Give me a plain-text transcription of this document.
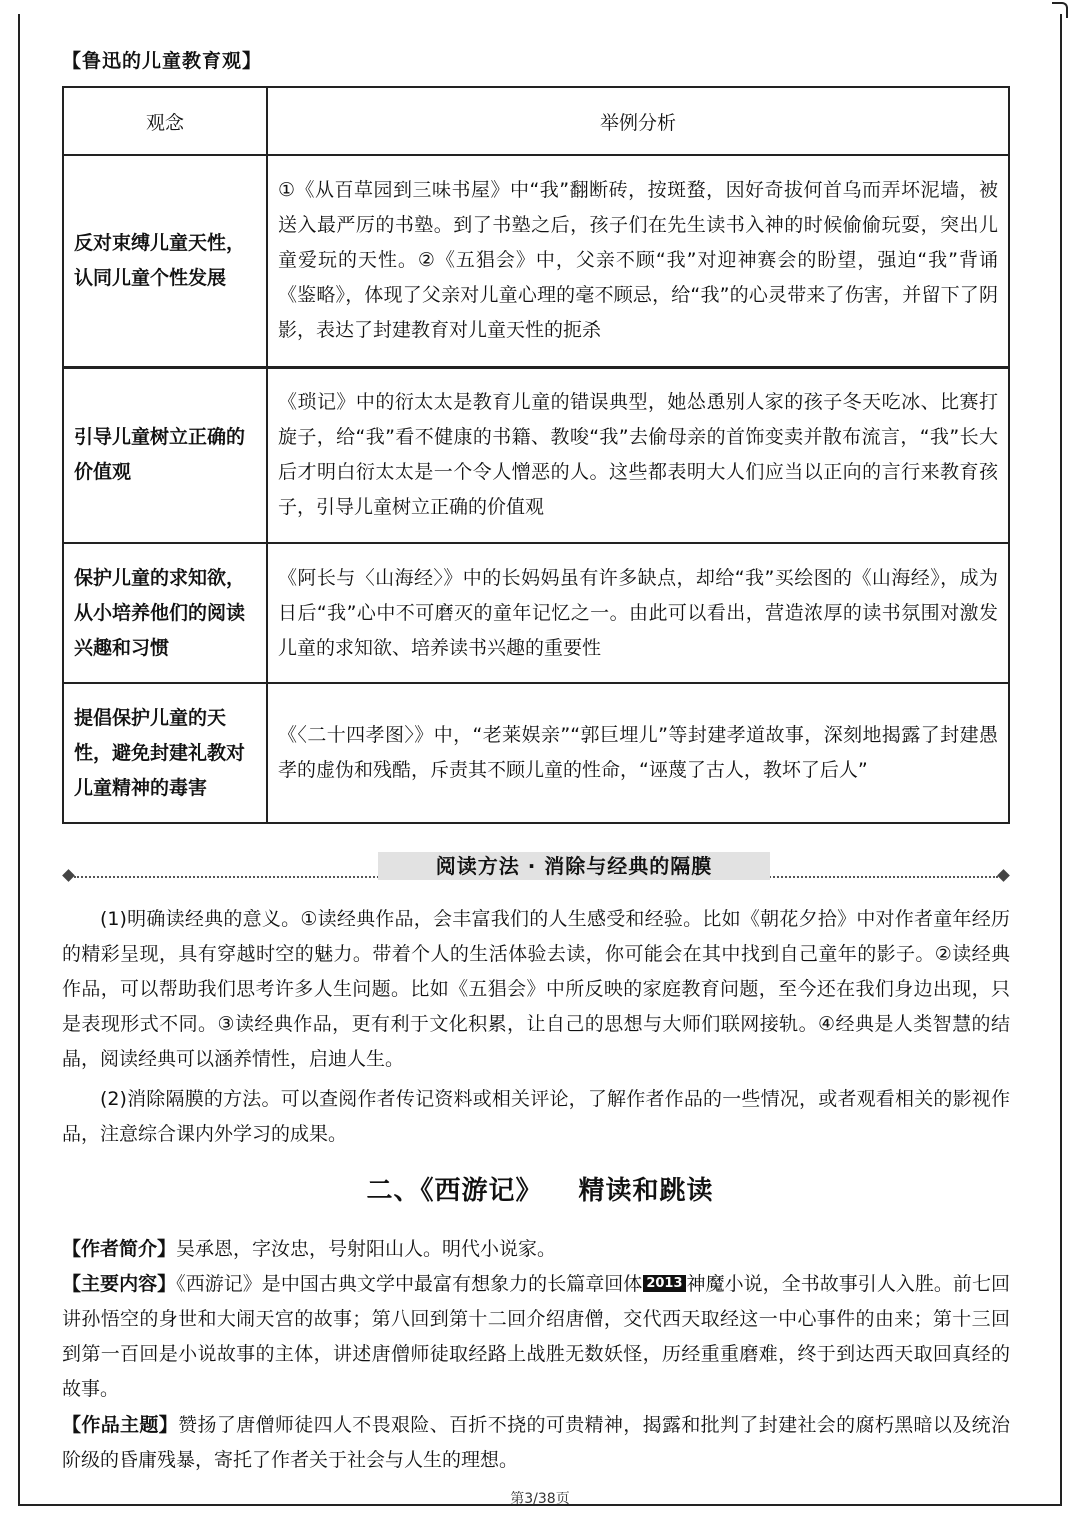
【鲁迅的儿童教育观】
观念	举例分析
反对束缚儿童天性，认同儿童个性发展	①《从百草园到三味书屋》中“我”翻断砖，按斑蝥，因好奇拔何首乌而弄坏泥墙，被送入最严厉的书塾。到了书塾之后，孩子们在先生读书入神的时候偷偷玩耍，突出儿童爱玩的天性。②《五猖会》中，父亲不顾“我”对迎神赛会的盼望，强迫“我”背诵《鉴略》，体现了父亲对儿童心理的毫不顾忌，给“我”的心灵带来了伤害，并留下了阴影，表达了封建教育对儿童天性的扼杀
引导儿童树立正确的价值观	《琐记》中的衍太太是教育儿童的错误典型，她怂恿别人家的孩子冬天吃冰、比赛打旋子，给“我”看不健康的书籍、教唆“我”去偷母亲的首饰变卖并散布流言，“我”长大后才明白衍太太是一个令人憎恶的人。这些都表明大人们应当以正向的言行来教育孩子，引导儿童树立正确的价值观
保护儿童的求知欲，从小培养他们的阅读兴趣和习惯	《阿长与〈山海经〉》中的长妈妈虽有许多缺点，却给“我”买绘图的《山海经》，成为日后“我”心中不可磨灭的童年记忆之一。由此可以看出，营造浓厚的读书氛围对激发儿童的求知欲、培养读书兴趣的重要性
提倡保护儿童的天性，避免封建礼教对儿童精神的毒害	《〈二十四孝图〉》中，“老莱娱亲”“郭巨埋儿”等封建孝道故事，深刻地揭露了封建愚孝的虚伪和残酷，斥责其不顾儿童的性命，“诬蔑了古人，教坏了后人”
阅读方法 · 消除与经典的隔膜
(1)明确读经典的意义。①读经典作品，会丰富我们的人生感受和经验。比如《朝花夕拾》中对作者童年经历的精彩呈现，具有穿越时空的魅力。带着个人的生活体验去读，你可能会在其中找到自己童年的影子。②读经典作品，可以帮助我们思考许多人生问题。比如《五猖会》中所反映的家庭教育问题，至今还在我们身边出现，只是表现形式不同。③读经典作品，更有利于文化积累，让自己的思想与大师们联网接轨。④经典是人类智慧的结晶，阅读经典可以涵养情性，启迪人生。
(2)消除隔膜的方法。可以查阅作者传记资料或相关评论，了解作者作品的一些情况，或者观看相关的影视作品，注意综合课内外学习的成果。
二、《西游记》 精读和跳读
【作者简介】吴承恩，字汝忠，号射阳山人。明代小说家。
【主要内容】《西游记》是中国古典文学中最富有想象力的长篇章回体 2013 神魔小说，全书故事引人入胜。前七回讲孙悟空的身世和大闹天宫的故事；第八回到第十二回介绍唐僧，交代西天取经这一中心事件的由来；第十三回到第一百回是小说故事的主体，讲述唐僧师徒取经路上战胜无数妖怪，历经重重磨难，终于到达西天取回真经的故事。
【作品主题】赞扬了唐僧师徒四人不畏艰险、百折不挠的可贵精神，揭露和批判了封建社会的腐朽黑暗以及统治阶级的昏庸残暴，寄托了作者关于社会与人生的理想。
第3/38页
